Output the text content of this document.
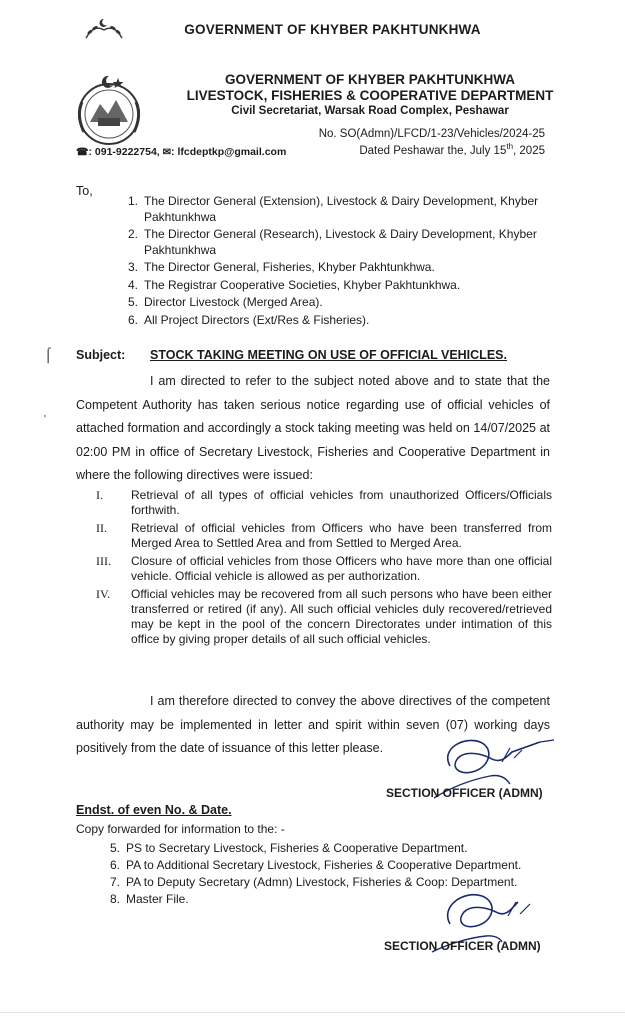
GOVERNMENT OF KHYBER PAKHTUNKHWA
GOVERNMENT OF KHYBER PAKHTUNKHWA
LIVESTOCK, FISHERIES & COOPERATIVE DEPARTMENT
Civil Secretariat, Warsak Road Complex, Peshawar
No. SO(Admn)/LFCD/1-23/Vehicles/2024-25
Dated Peshawar the, July 15th, 2025
☎: 091-9222754, ✉: lfcdeptkp@gmail.com
To,
1. The Director General (Extension), Livestock & Dairy Development, Khyber Pakhtunkhwa
2. The Director General (Research), Livestock & Dairy Development, Khyber Pakhtunkhwa
3. The Director General, Fisheries, Khyber Pakhtunkhwa.
4. The Registrar Cooperative Societies, Khyber Pakhtunkhwa.
5. Director Livestock (Merged Area).
6. All Project Directors (Ext/Res & Fisheries).
⌠
'
Subject: STOCK TAKING MEETING ON USE OF OFFICIAL VEHICLES.
I am directed to refer to the subject noted above and to state that the Competent Authority has taken serious notice regarding use of official vehicles of attached formation and accordingly a stock taking meeting was held on 14/07/2025 at 02:00 PM in office of Secretary Livestock, Fisheries and Cooperative Department in where the following directives were issued:
I. Retrieval of all types of official vehicles from unauthorized Officers/Officials forthwith.
II. Retrieval of official vehicles from Officers who have been transferred from Merged Area to Settled Area and from Settled to Merged Area.
III. Closure of official vehicles from those Officers who have more than one official vehicle. Official vehicle is allowed as per authorization.
IV. Official vehicles may be recovered from all such persons who have been either transferred or retired (if any). All such official vehicles duly recovered/retrieved may be kept in the pool of the concern Directorates under intimation of this office by giving proper details of all such official vehicles.
I am therefore directed to convey the above directives of the competent authority may be implemented in letter and spirit within seven (07) working days positively from the date of issuance of this letter please.
SECTION OFFICER (ADMN)
Endst. of even No. & Date.
Copy forwarded for information to the: -
5. PS to Secretary Livestock, Fisheries & Cooperative Department.
6. PA to Additional Secretary Livestock, Fisheries & Cooperative Department.
7. PA to Deputy Secretary (Admn) Livestock, Fisheries & Coop: Department.
8. Master File.
SECTION OFFICER (ADMN)
